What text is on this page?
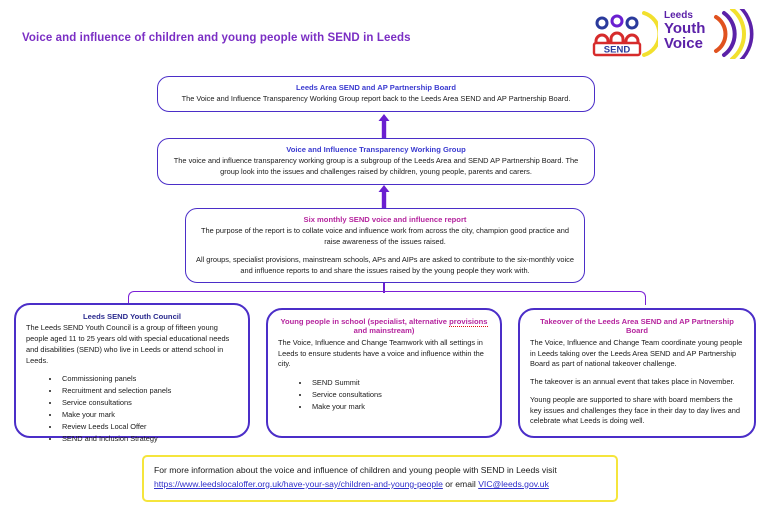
Voice and influence of children and young people with SEND in Leeds
SEND
Leeds
Youth
Voice

Leeds Area SEND and AP Partnership Board

The Voice and Influence Transparency Working Group report back to the Leeds Area SEND and AP Partnership Board.

Voice and Influence Transparency Working Group

The voice and influence transparency working group is a subgroup of the Leeds Area and SEND AP Partnership Board. The group look into the issues and challenges raised by children, young people, parents and carers.

Six monthly SEND voice and influence report

The purpose of the report is to collate voice and influence work from across the city, champion good practice and raise awareness of the issues raised.

All groups, specialist provisions, mainstream schools, APs and AIPs are asked to contribute to the six-monthly voice and influence reports to and share the issues raised by the young people they work with.

Leeds SEND Youth Council

The Leeds SEND Youth Council is a group of fifteen young people aged 11 to 25 years old with special educational needs and disabilities (SEND) who live in Leeds or attend school in Leeds.

• Commissioning panels
• Recruitment and selection panels
• Service consultations
• Make your mark
• Review Leeds Local Offer
• SEND and Inclusion Strategy

Young people in school (specialist, alternative provisions and mainstream)

The Voice, Influence and Change Teamwork with all settings in Leeds to ensure students have a voice and influence within the city.

• SEND Summit
• Service consultations
• Make your mark

Takeover of the Leeds Area SEND and AP Partnership Board

The Voice, Influence and Change Team coordinate young people in Leeds taking over the Leeds Area SEND and AP Partnership Board as part of national takeover challenge.

The takeover is an annual event that takes place in November.

Young people are supported to share with board members the key issues and challenges they face in their day to day lives and celebrate what Leeds is doing well.

For more information about the voice and influence of children and young people with SEND in Leeds visit https://www.leedslocaloffer.org.uk/have-your-say/children-and-young-people or email VIC@leeds.gov.uk
